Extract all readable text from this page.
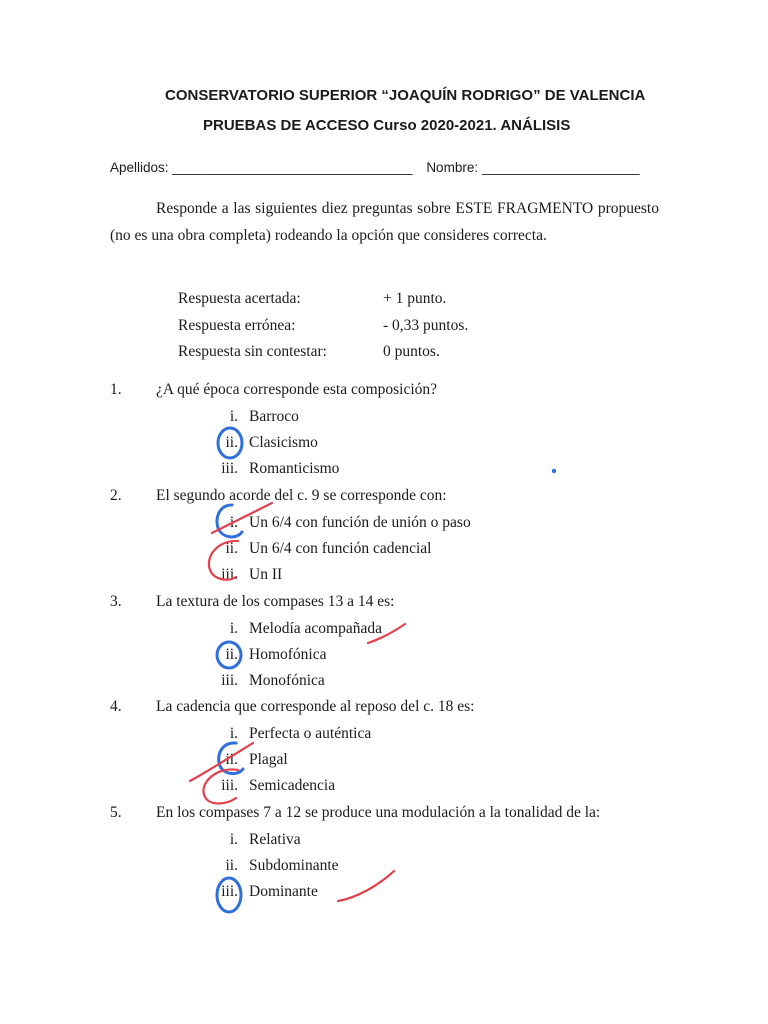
CONSERVATORIO SUPERIOR “JOAQUÍN RODRIGO” DE VALENCIA
PRUEBAS DE ACCESO Curso 2020-2021. ANÁLISIS
Apellidos: ________________________________ Nombre: _____________________

Responde a las siguientes diez preguntas sobre ESTE FRAGMENTO propuesto (no es una obra completa) rodeando la opción que consideres correcta.

Respuesta acertada:	+ 1 punto.
Respuesta errónea:	- 0,33 puntos.
Respuesta sin contestar:	0 puntos.
1. ¿A qué época corresponde esta composición?
i. Barroco
ii. Clasicismo
iii. Romanticismo
2. El segundo acorde del c. 9 se corresponde con:
i. Un 6/4 con función de unión o paso
ii. Un 6/4 con función cadencial
iii. Un II
3. La textura de los compases 13 a 14 es:
i. Melodía acompañada
ii. Homofónica
iii. Monofónica
4. La cadencia que corresponde al reposo del c. 18 es:
i. Perfecta o auténtica
ii. Plagal
iii. Semicadencia
5. En los compases 7 a 12 se produce una modulación a la tonalidad de la:
i. Relativa
ii. Subdominante
iii. Dominante
